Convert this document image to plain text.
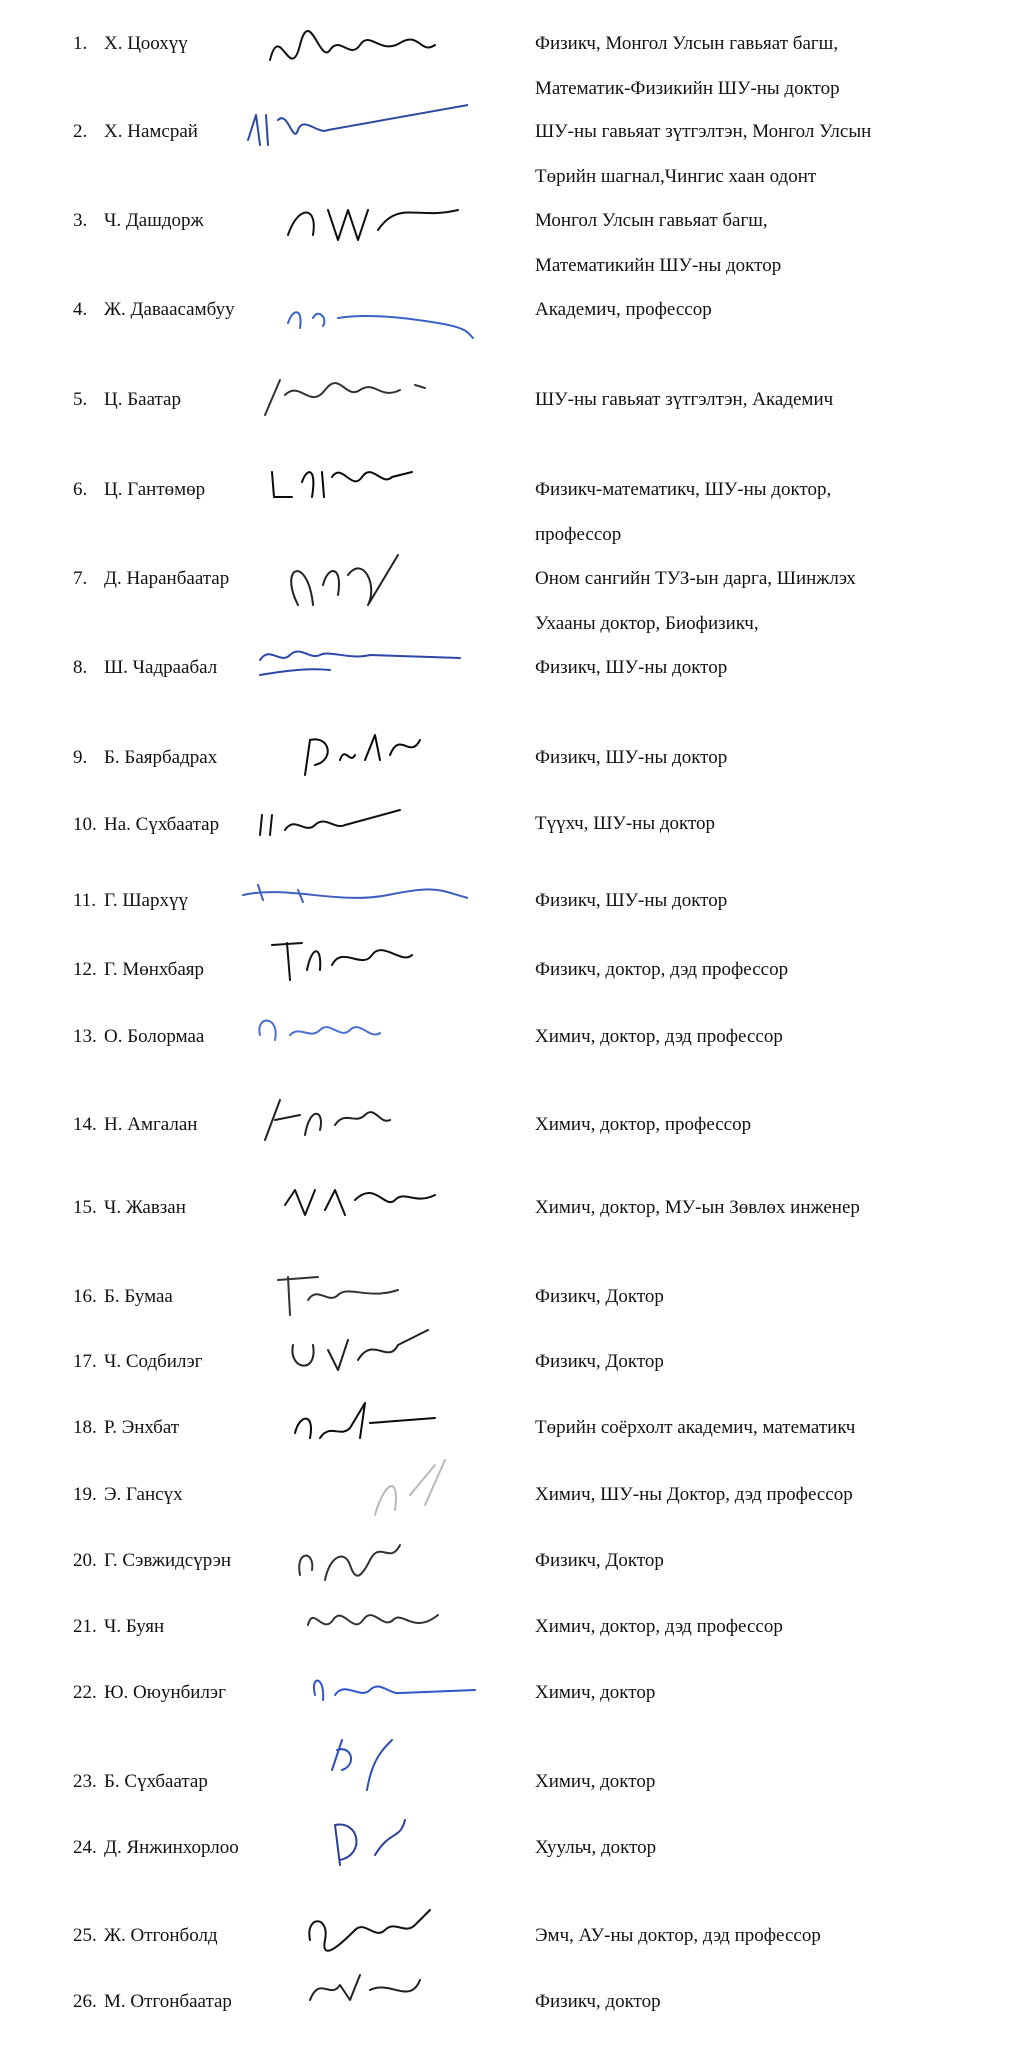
1. Х. Цоохүү	Физикч, Монгол Улсын гавьяат багш,
Математик-Физикийн ШУ-ны доктор
2. Х. Намсрай	ШУ-ны гавьяат зүтгэлтэн, Монгол Улсын
Төрийн шагнал,Чингис хаан одонт
3. Ч. Дашдорж	Монгол Улсын гавьяат багш,
Математикийн ШУ-ны доктор
4. Ж. Даваасамбуу	Академич, профессор
5. Ц. Баатар	ШУ-ны гавьяат зүтгэлтэн, Академич
6. Ц. Гантөмөр	Физикч-математикч, ШУ-ны доктор,
профессор
7. Д. Наранбаатар	Оном сангийн ТУЗ-ын дарга, Шинжлэх
Ухааны доктор, Биофизикч,
8. Ш. Чадраабал	Физикч, ШУ-ны доктор
9. Б. Баярбадрах	Физикч, ШУ-ны доктор
10. На. Сүхбаатар	Түүхч, ШУ-ны доктор
11. Г. Шархүү	Физикч, ШУ-ны доктор
12. Г. Мөнхбаяр	Физикч, доктор, дэд профессор
13. О. Болормаа	Химич, доктор, дэд профессор
14. Н. Амгалан	Химич, доктор, профессор
15. Ч. Жавзан	Химич, доктор, МУ-ын Зөвлөх инженер
16. Б. Бумаа	Физикч, Доктор
17. Ч. Содбилэг	Физикч, Доктор
18. Р. Энхбат	Төрийн соёрхолт академич, математикч
19. Э. Гансүх	Химич, ШУ-ны Доктор, дэд профессор
20. Г. Сэвжидсүрэн	Физикч, Доктор
21. Ч. Буян	Химич, доктор, дэд профессор
22. Ю. Оюунбилэг	Химич, доктор
23. Б. Сүхбаатар	Химич, доктор
24. Д. Янжинхорлоо	Хуульч, доктор
25. Ж. Отгонболд	Эмч, АУ-ны доктор, дэд профессор
26. М. Отгонбаатар	Физикч, доктор
